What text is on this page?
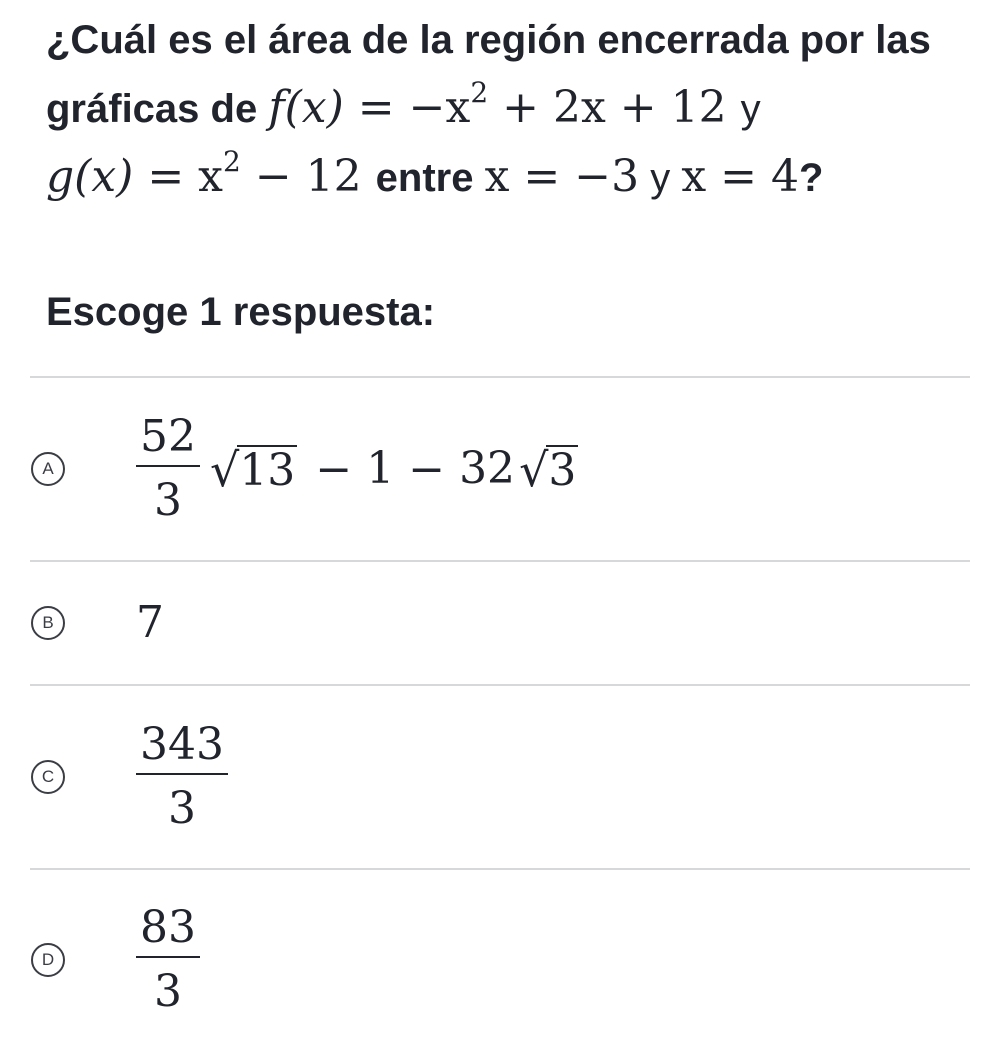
¿Cuál es el área de la región encerrada por las gráficas de $f(x) = -x^2 + 2x + 12$ y
$g(x) = x^2 - 12$ entre x = −3 y x = 4?
Escoge 1 respuesta:
A $\frac{52}{3}$ √ 13 − 1 − 32 √ 3
B 7
C $\frac{343}{3}$
D $\frac{83}{3}$
